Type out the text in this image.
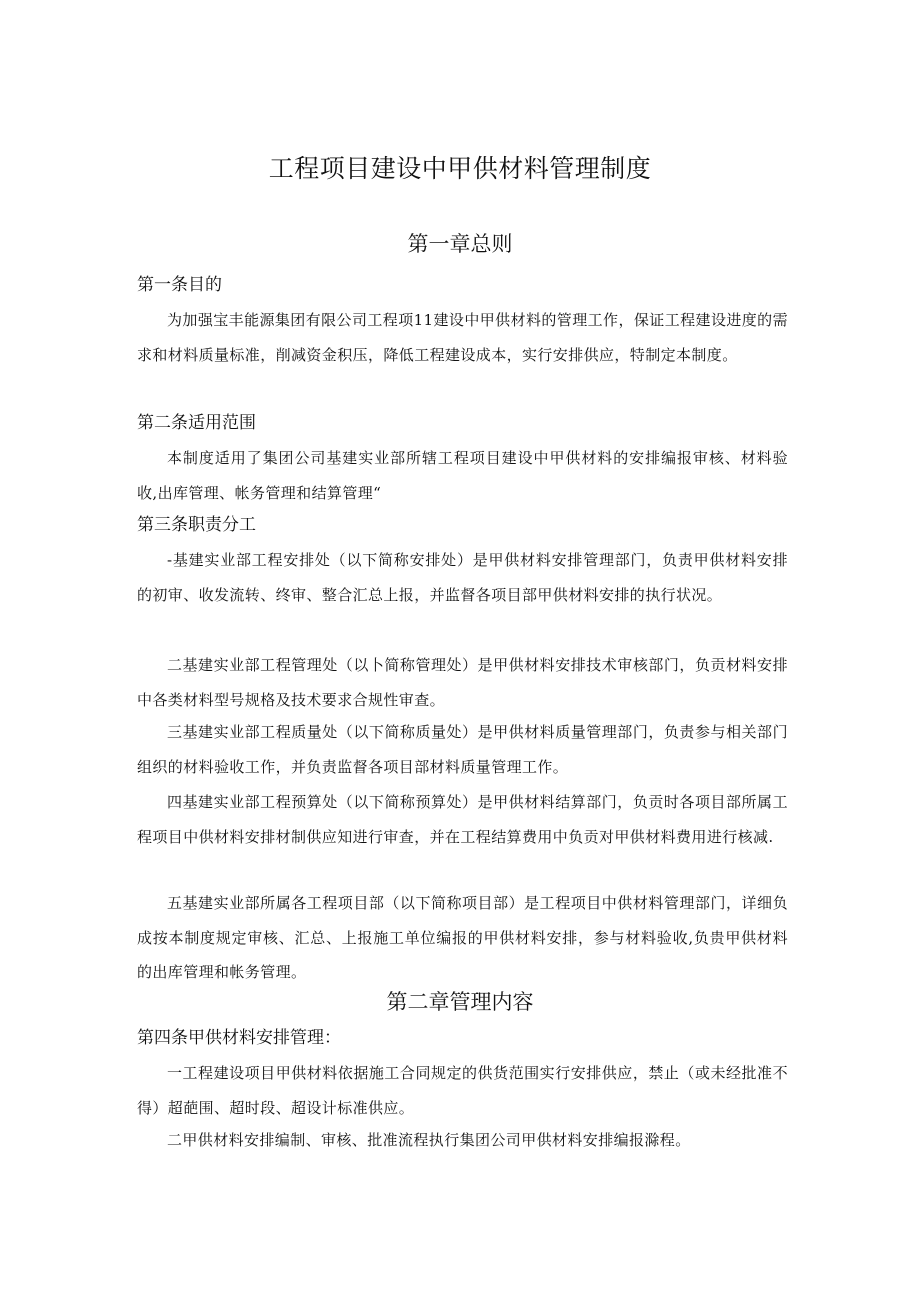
工程项目建设中甲供材料管理制度
第一章总则
第一条目的

为加强宝丰能源集团有限公司工程项11建设中甲供材料的管理工作，保证工程建设进度的需求和材料质量标准，削减资金积压，降低工程建设成本，实行安排供应，特制定本制度。

第二条适用范围

本制度适用了集团公司基建实业部所辖工程项目建设中甲供材料的安排编报审核、材料验收,出库管理、帐务管理和结算管理“

第三条职责分工

-基建实业部工程安排处（以下简称安排处）是甲供材料安排管理部门，负责甲供材料安排的初审、收发流转、终审、整合汇总上报，并监督各项目部甲供材料安排的执行状况。

二基建实业部工程管理处（以卜简称管理处）是甲供材料安排技术审核部门，负贡材料安排中各类材料型号规格及技术要求合规性审查。

三基建实业部工程质量处（以下简称质量处）是甲供材料质量管理部门，负责参与相关部门组织的材料验收工作，并负责监督各项目部材料质量管理工作。

四基建实业部工程预算处（以下简称预算处）是甲供材料结算部门，负贡时各项目部所属工程项目中供材料安排材制供应知进行审查，并在工程结算费用中负贡对甲供材料费用进行核减.

五基建实业部所属各工程项目部（以下简称项目部）是工程项目中供材料管理部门，详细负成按本制度规定审核、汇总、上报施工单位编报的甲供材料安排，参与材料验收,负贵甲供材料的出库管理和帐务管理。

第二章管理内容
第四条甲供材料安排管理：

一工程建设项目甲供材料依据施工合同规定的供货范围实行安排供应，禁止（或未经批准不得）超葩围、超时段、超设计标准供应。

二甲供材料安排编制、审核、批准流程执行集团公司甲供材料安排编报滁程。
